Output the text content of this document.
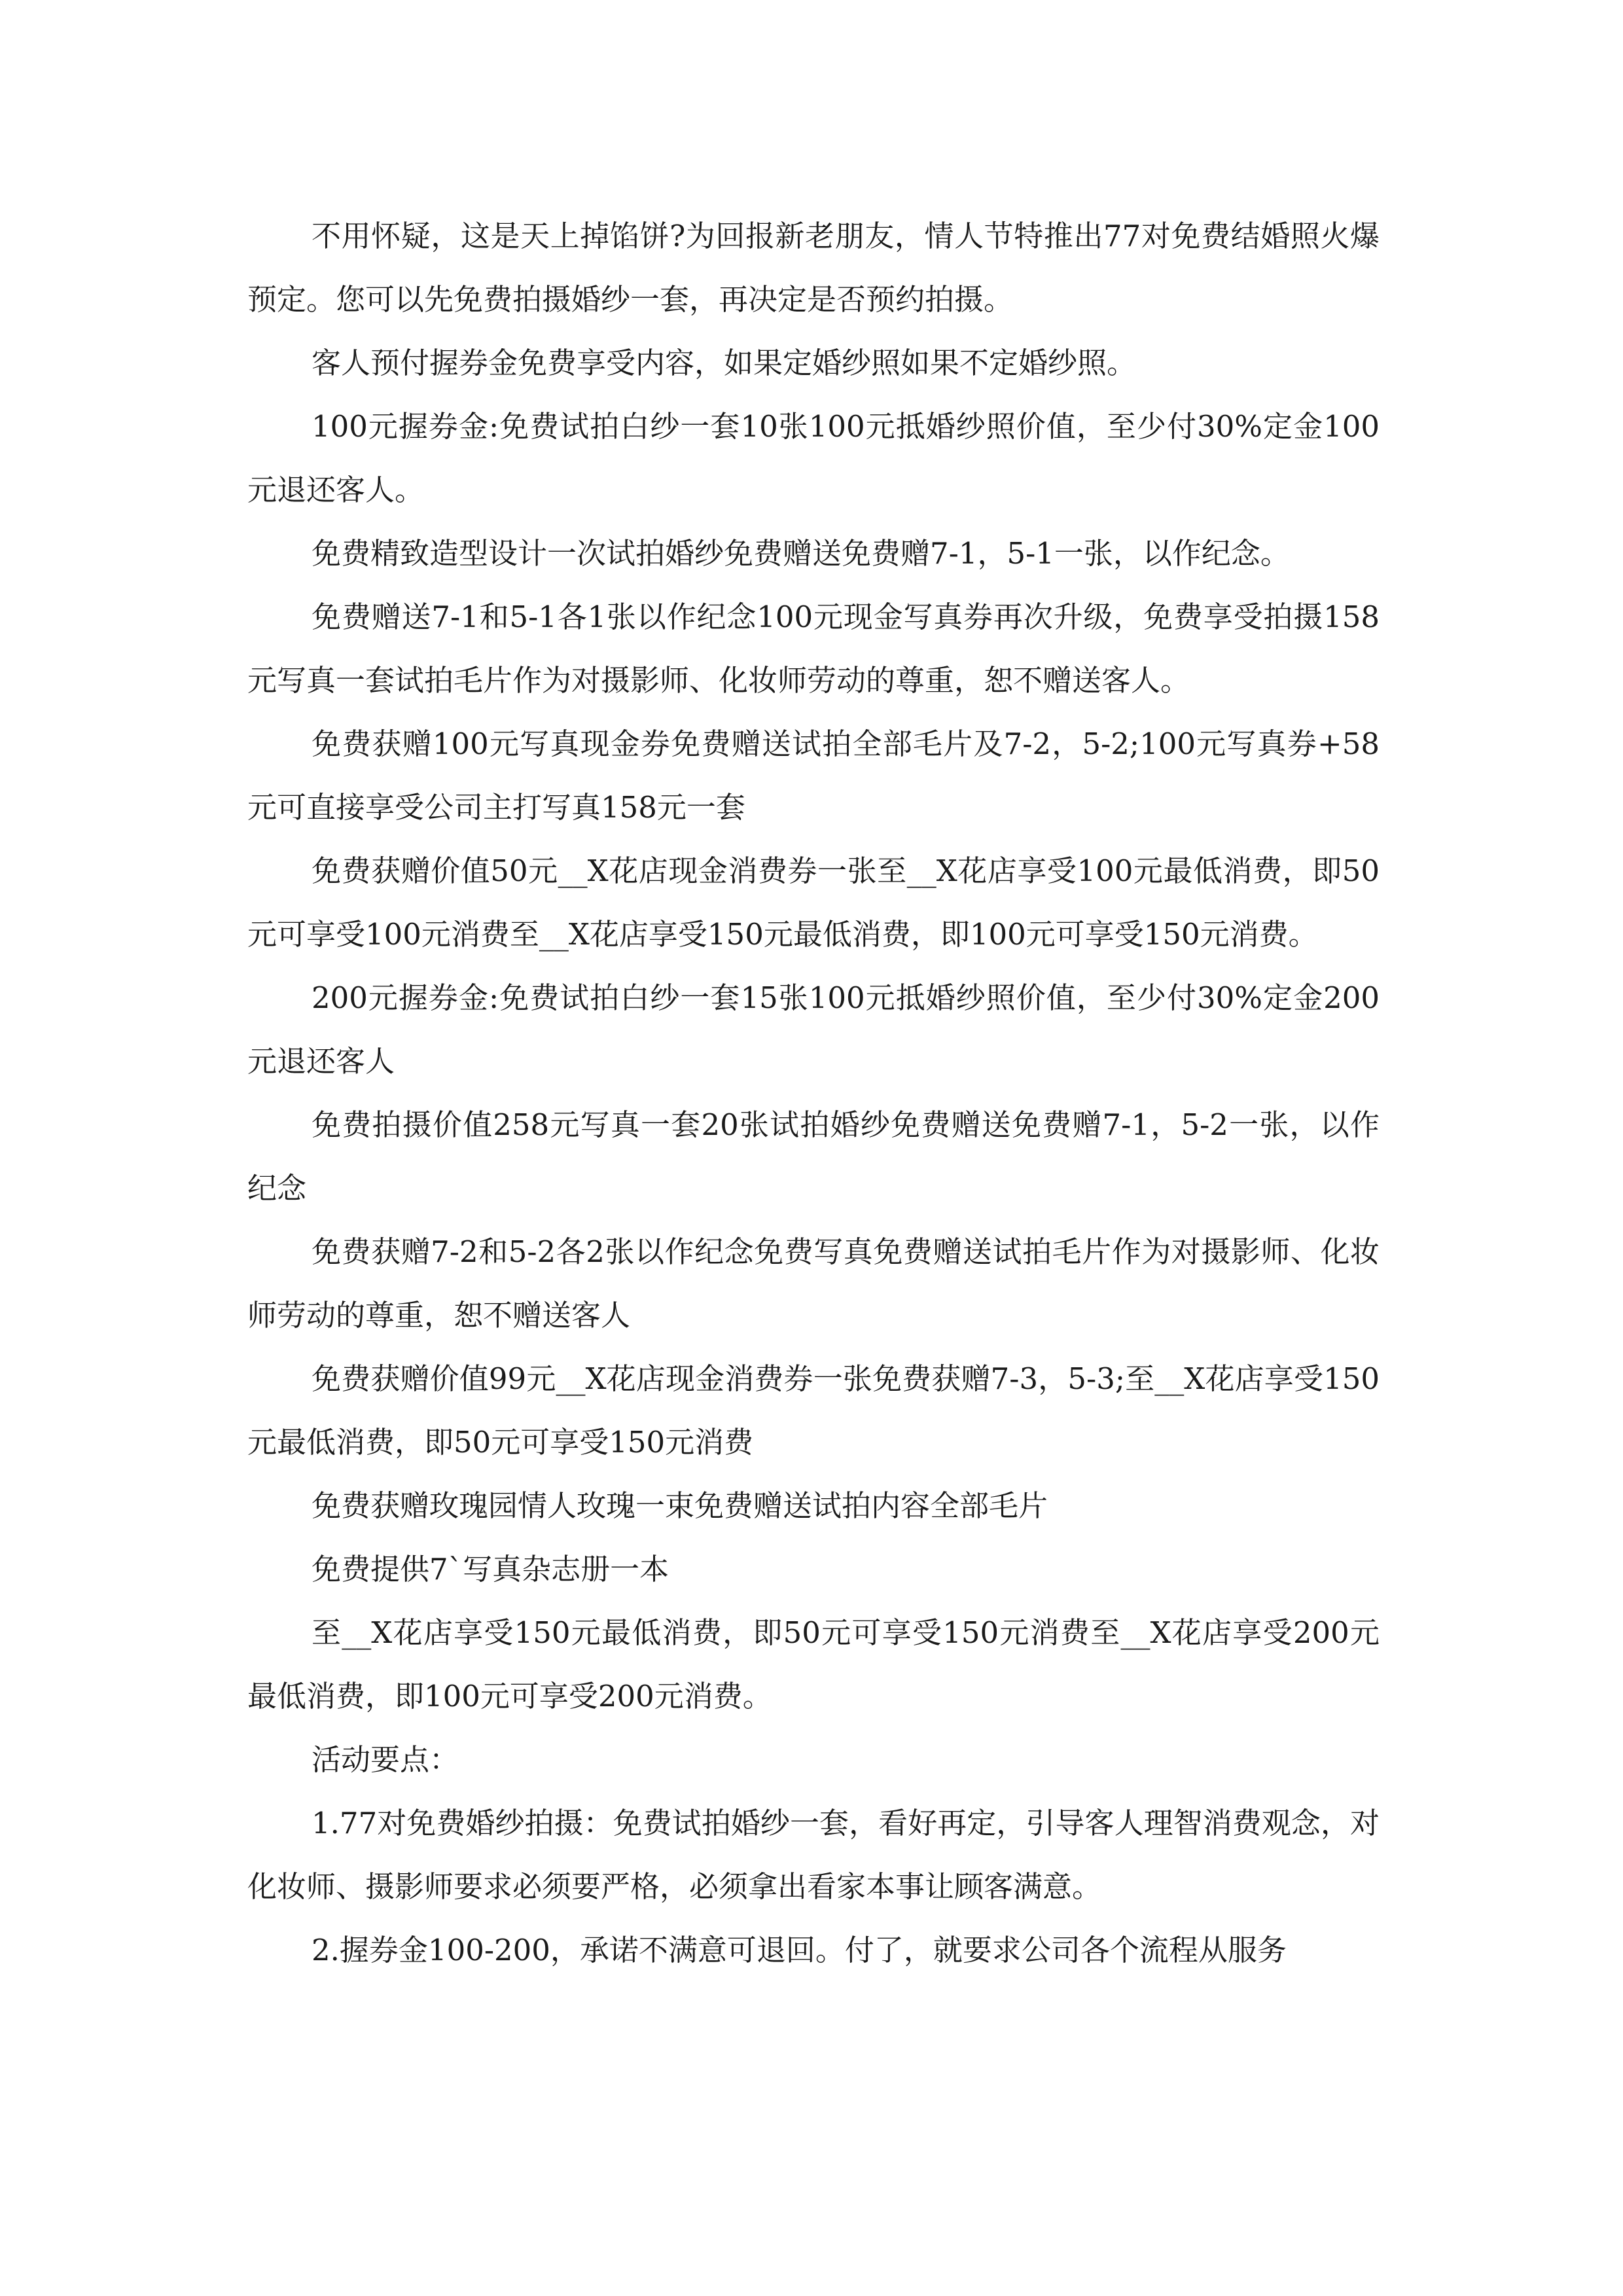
不用怀疑，这是天上掉馅饼?为回报新老朋友，情人节特推出77对免费结婚照火爆预定。您可以先免费拍摄婚纱一套，再决定是否预约拍摄。

客人预付握券金免费享受内容，如果定婚纱照如果不定婚纱照。

100元握券金:免费试拍白纱一套10张100元抵婚纱照价值，至少付30%定金100元退还客人。

免费精致造型设计一次试拍婚纱免费赠送免费赠7-1，5-1一张，以作纪念。

免费赠送7-1和5-1各1张以作纪念100元现金写真券再次升级，免费享受拍摄158元写真一套试拍毛片作为对摄影师、化妆师劳动的尊重，恕不赠送客人。

免费获赠100元写真现金券免费赠送试拍全部毛片及7-2，5-2;100元写真券+58元可直接享受公司主打写真158元一套

免费获赠价值50元__X花店现金消费券一张至__X花店享受100元最低消费，即50元可享受100元消费至__X花店享受150元最低消费，即100元可享受150元消费。

200元握券金:免费试拍白纱一套15张100元抵婚纱照价值，至少付30%定金200元退还客人

免费拍摄价值258元写真一套20张试拍婚纱免费赠送免费赠7-1，5-2一张，以作纪念

免费获赠7-2和5-2各2张以作纪念免费写真免费赠送试拍毛片作为对摄影师、化妆师劳动的尊重，恕不赠送客人

免费获赠价值99元__X花店现金消费券一张免费获赠7-3，5-3;至__X花店享受150元最低消费，即50元可享受150元消费

免费获赠玫瑰园情人玫瑰一束免费赠送试拍内容全部毛片

免费提供7`写真杂志册一本

至__X花店享受150元最低消费，即50元可享受150元消费至__X花店享受200元最低消费，即100元可享受200元消费。

活动要点：

1.77对免费婚纱拍摄：免费试拍婚纱一套，看好再定，引导客人理智消费观念，对化妆师、摄影师要求必须要严格，必须拿出看家本事让顾客满意。

2.握券金100-200，承诺不满意可退回。付了，就要求公司各个流程从服务
